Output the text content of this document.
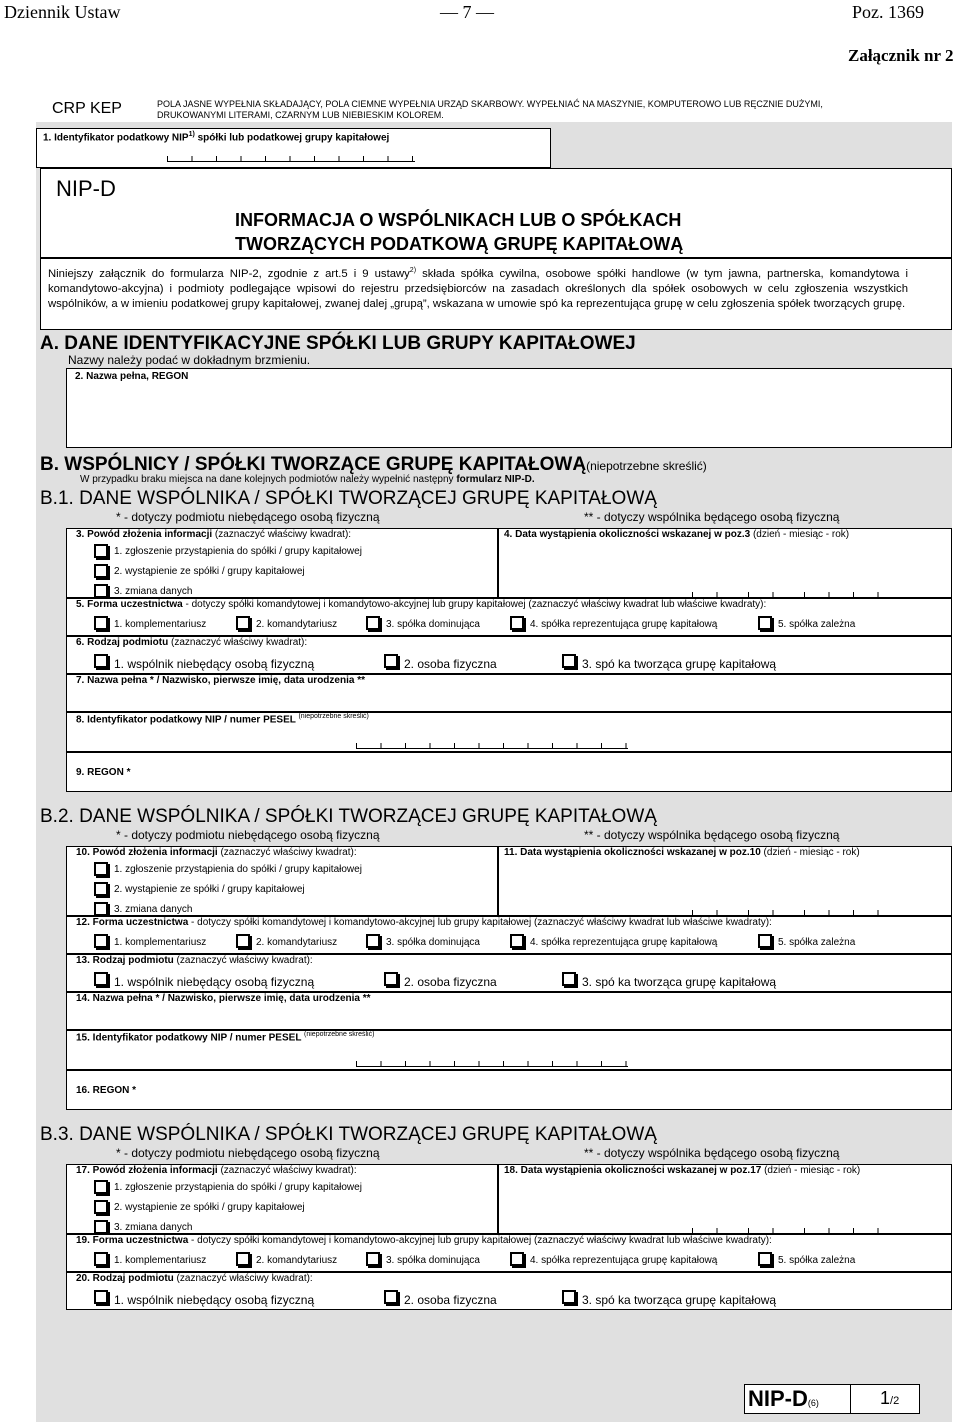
Dziennik Ustaw	— 7 —	Poz. 1369
Załącznik nr 2
CRP KEP	POLA JASNE WYPEŁNIA SKŁADAJĄCY, POLA CIEMNE WYPEŁNIA URZĄD SKARBOWY. WYPEŁNIAĆ NA MASZYNIE, KOMPUTEROWO LUB RĘCZNIE DUŻYMI,
DRUKOWANYMI LITERAMI, CZARNYM LUB NIEBIESKIM KOLOREM.
1. Identyfikator podatkowy NIP$^{1)}$ spółki lub podatkowej grupy kapitałowej
NIP-D
INFORMACJA O WSPÓLNIKACH LUB O SPÓŁKACH
TWORZĄCYCH PODATKOWĄ GRUPĘ KAPITAŁOWĄ
Niniejszy załącznik do formularza NIP-2, zgodnie z art.5 i 9 ustawy$^{2)}$ składa spółka cywilna, osobowe spółki handlowe (w tym jawna, partnerska, komandytowa i komandytowo-akcyjna) i podmioty podlegające wpisowi do rejestru przedsiębiorców na zasadach określonych dla spółek osobowych w celu zgłoszenia wszystkich wspólników, a w imieniu podatkowej grupy kapitałowej, zwanej dalej „grupą”, wskazana w umowie spó ka reprezentująca grupę w celu zgłoszenia spółek tworzących grupę.
A. DANE IDENTYFIKACYJNE SPÓŁKI LUB GRUPY KAPITAŁOWEJ
Nazwy należy podać w dokładnym brzmieniu.
2. Nazwa pełna, REGON
B. WSPÓLNICY / SPÓŁKI TWORZĄCE GRUPĘ KAPITAŁOWĄ(niepotrzebne skreślić)
W przypadku braku miejsca na dane kolejnych podmiotów należy wypełnić następny formularz NIP-D.
B.1. DANE WSPÓLNIKA / SPÓŁKI TWORZĄCEJ GRUPĘ KAPITAŁOWĄ
* - dotyczy podmiotu niebędącego osobą fizyczną	** - dotyczy wspólnika będącego osobą fizyczną
3. Powód złożenia informacji (zaznaczyć właściwy kwadrat):
1. zgłoszenie przystąpienia do spółki / grupy kapitałowej
2. wystąpienie ze spółki / grupy kapitałowej
3. zmiana danych
4. Data wystąpienia okoliczności wskazanej w poz.3 (dzień - miesiąc - rok)
5. Forma uczestnictwa - dotyczy spółki komandytowej i komandytowo-akcyjnej lub grupy kapitałowej (zaznaczyć właściwy kwadrat lub właściwe kwadraty):
1. komplementariusz	2. komandytariusz	3. spółka dominująca	4. spółka reprezentująca grupę kapitałową	5. spółka zależna
6. Rodzaj podmiotu (zaznaczyć właściwy kwadrat):
1. wspólnik niebędący osobą fizyczną	2. osoba fizyczna	3. spó ka tworząca grupę kapitałową
7. Nazwa pełna * / Nazwisko, pierwsze imię, data urodzenia **
8. Identyfikator podatkowy NIP / numer PESEL $^{(niepotrzebne skreślić)}$
9. REGON *
B.2. DANE WSPÓLNIKA / SPÓŁKI TWORZĄCEJ GRUPĘ KAPITAŁOWĄ
* - dotyczy podmiotu niebędącego osobą fizyczną	** - dotyczy wspólnika będącego osobą fizyczną
10. Powód złożenia informacji (zaznaczyć właściwy kwadrat):
1. zgłoszenie przystąpienia do spółki / grupy kapitałowej
2. wystąpienie ze spółki / grupy kapitałowej
3. zmiana danych
11. Data wystąpienia okoliczności wskazanej w poz.10 (dzień - miesiąc - rok)
12. Forma uczestnictwa - dotyczy spółki komandytowej i komandytowo-akcyjnej lub grupy kapitałowej (zaznaczyć właściwy kwadrat lub właściwe kwadraty):
1. komplementariusz	2. komandytariusz	3. spółka dominująca	4. spółka reprezentująca grupę kapitałową	5. spółka zależna
13. Rodzaj podmiotu (zaznaczyć właściwy kwadrat):
1. wspólnik niebędący osobą fizyczną	2. osoba fizyczna	3. spó ka tworząca grupę kapitałową
14. Nazwa pełna * / Nazwisko, pierwsze imię, data urodzenia **
15. Identyfikator podatkowy NIP / numer PESEL $^{(niepotrzebne skreślić)}$
16. REGON *
B.3. DANE WSPÓLNIKA / SPÓŁKI TWORZĄCEJ GRUPĘ KAPITAŁOWĄ
* - dotyczy podmiotu niebędącego osobą fizyczną	** - dotyczy wspólnika będącego osobą fizyczną
17. Powód złożenia informacji (zaznaczyć właściwy kwadrat):
1. zgłoszenie przystąpienia do spółki / grupy kapitałowej
2. wystąpienie ze spółki / grupy kapitałowej
3. zmiana danych
18. Data wystąpienia okoliczności wskazanej w poz.17 (dzień - miesiąc - rok)
19. Forma uczestnictwa - dotyczy spółki komandytowej i komandytowo-akcyjnej lub grupy kapitałowej (zaznaczyć właściwy kwadrat lub właściwe kwadraty):
1. komplementariusz	2. komandytariusz	3. spółka dominująca	4. spółka reprezentująca grupę kapitałową	5. spółka zależna
20. Rodzaj podmiotu (zaznaczyć właściwy kwadrat):
1. wspólnik niebędący osobą fizyczną	2. osoba fizyczna	3. spó ka tworząca grupę kapitałową
NIP-D(6)	1/2
